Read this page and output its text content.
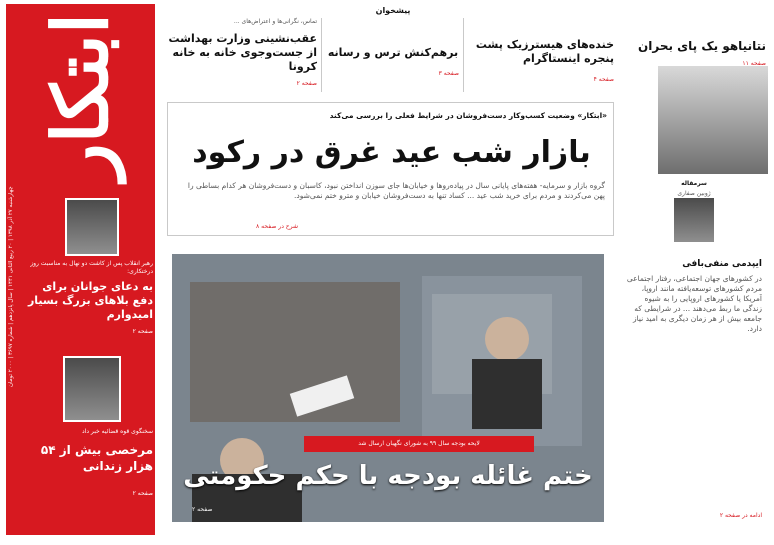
ابتکار
چهارشنبه ۲۷ آذر ۱۳۹۸ | ۲۰ ربیع الثانی ۱۴۴۱ | سال پانزدهم | شماره ۳۶۹۷ | ۲۰۰۰ تومان
رهبر انقلاب پس از کاشت دو نهال به مناسبت روز درختکاری:
به دعای جوانان برای دفع بلاهای بزرگ بسیار امیدوارم
صفحه ۲
سخنگوی قوه قضائیه خبر داد
مرخصی بیش از ۵۴ هزار زندانی
صفحه ۲
تماس، نگرانی‌ها و اعتراض‌های ...
عقب‌نشینی وزارت بهداشت از جست‌وجوی خانه به خانه کرونا
صفحه ۲
پیشخوان
برهم‌کنش ترس و رسانه
صفحه ۳
خنده‌های هیسترزیک پشت پنجره اینستاگرام
صفحه ۴
نتانیاهو یک پای بحران
صفحه ۱۱
«ابتکار» وضعیت کسب‌وکار دست‌فروشان در شرایط فعلی را بررسی می‌کند
بازار شب عید غرق در رکود
گروه بازار و سرمایه- هفته‌های پایانی سال در پیاده‌روها و خیابان‌ها جای سوزن انداختن نبود، کاسبان و دست‌فروشان هر کدام بساطی را پهن می‌کردند و مردم برای خرید شب عید ... کساد تنها به دست‌فروشان خیابان و مترو ختم نمی‌شود.
شرح در صفحه ۸
لایحه بودجه سال ۹۹ به شورای نگهبان ارسال شد
ختم غائله بودجه با حکم حکومتی
صفحه ۲
سرمقاله
ژوبین صفاری
ایپدمی منفی‌بافی
در کشورهای جهان اجتماعی، رفتار اجتماعی مردم کشورهای توسعه‌یافته مانند اروپا، آمریکا یا کشورهای اروپایی را به شیوه زندگی ما ربط می‌دهند ... در شرایطی که جامعه بیش از هر زمان دیگری به امید نیاز دارد.
ادامه در صفحه ۲
